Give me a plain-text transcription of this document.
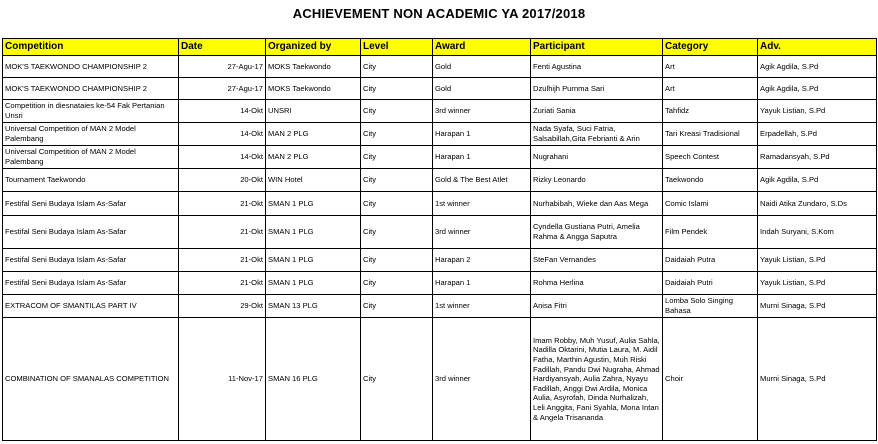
ACHIEVEMENT NON ACADEMIC YA 2017/2018
Competition	Date	Organized by	Level	Award	Participant	Category	Adv.
MOK'S TAEKWONDO CHAMPIONSHIP 2	27-Agu-17	MOKS Taekwondo	City	Gold	Fenti Agustina	Art	Agik Agdila, S.Pd
MOK'S TAEKWONDO CHAMPIONSHIP 2	27-Agu-17	MOKS Taekwondo	City	Gold	Dzulhijh Purnma Sari	Art	Agik Agdila, S.Pd
Competition in diesnataies ke-54 Fak Pertanian Unsri	14-Okt	UNSRI	City	3rd winner	Zuriati Sania	Tahfidz	Yayuk Listian, S.Pd
Universal Competition of MAN 2 Model Palembang	14-Okt	MAN 2 PLG	City	Harapan 1	Nada Syafa, Suci Fatria, Salsabillah,Gita Febrianti & Arin	Tari Kreasi Tradisional	Erpadellah, S.Pd
Universal Competition of MAN 2 Model Palembang	14-Okt	MAN 2 PLG	City	Harapan 1	Nugrahani	Speech Contest	Ramadansyah, S.Pd
Tournament Taekwondo	20-Okt	WIN Hotel	City	Gold & The Best Atlet	Rizky Leonardo	Taekwondo	Agik Agdila, S.Pd
Festifal Seni Budaya Islam As-Safar	21-Okt	SMAN 1 PLG	City	1st winner	Nurhabibah, Wieke dan Aas Mega	Comic Islami	Naidi Atika Zundaro, S.Ds
Festifal Seni Budaya Islam As-Safar	21-Okt	SMAN 1 PLG	City	3rd winner	Cyndella Gustiana Putri, Amelia Rahma & Angga Saputra	Film Pendek	Indah Suryani, S.Kom
Festifal Seni Budaya Islam As-Safar	21-Okt	SMAN 1 PLG	City	Harapan 2	SteFan Vernandes	Daidaiah Putra	Yayuk Listian, S.Pd
Festifal Seni Budaya Islam As-Safar	21-Okt	SMAN 1 PLG	City	Harapan 1	Rohma Herlina	Daidaiah Putri	Yayuk Listian, S.Pd
EXTRACOM OF SMANTILAS PART IV	29-Okt	SMAN 13 PLG	City	1st winner	Anisa Fitri	Lomba Solo Singing Bahasa	Murni Sinaga, S.Pd
COMBINATION OF SMANALAS COMPETITION	11-Nov-17	SMAN 16 PLG	City	3rd winner	Imam Robby, Muh Yusuf, Aulia Sahla, Nadilla Oktarini, Mutia Laura, M. Aidil Fatha, Marthin Agustin, Muh Riski Fadillah, Pandu Dwi Nugraha, Ahmad Hardiyansyah, Aulia Zahra, Nyayu Fadillah, Anggi Dwi Ardila, Monica Aulia, Asyrofah, Dinda Nurhalizah, Leli Anggita, Fani Syahla, Mona Intan & Angela Trisananda	Choir	Murni Sinaga, S.Pd
